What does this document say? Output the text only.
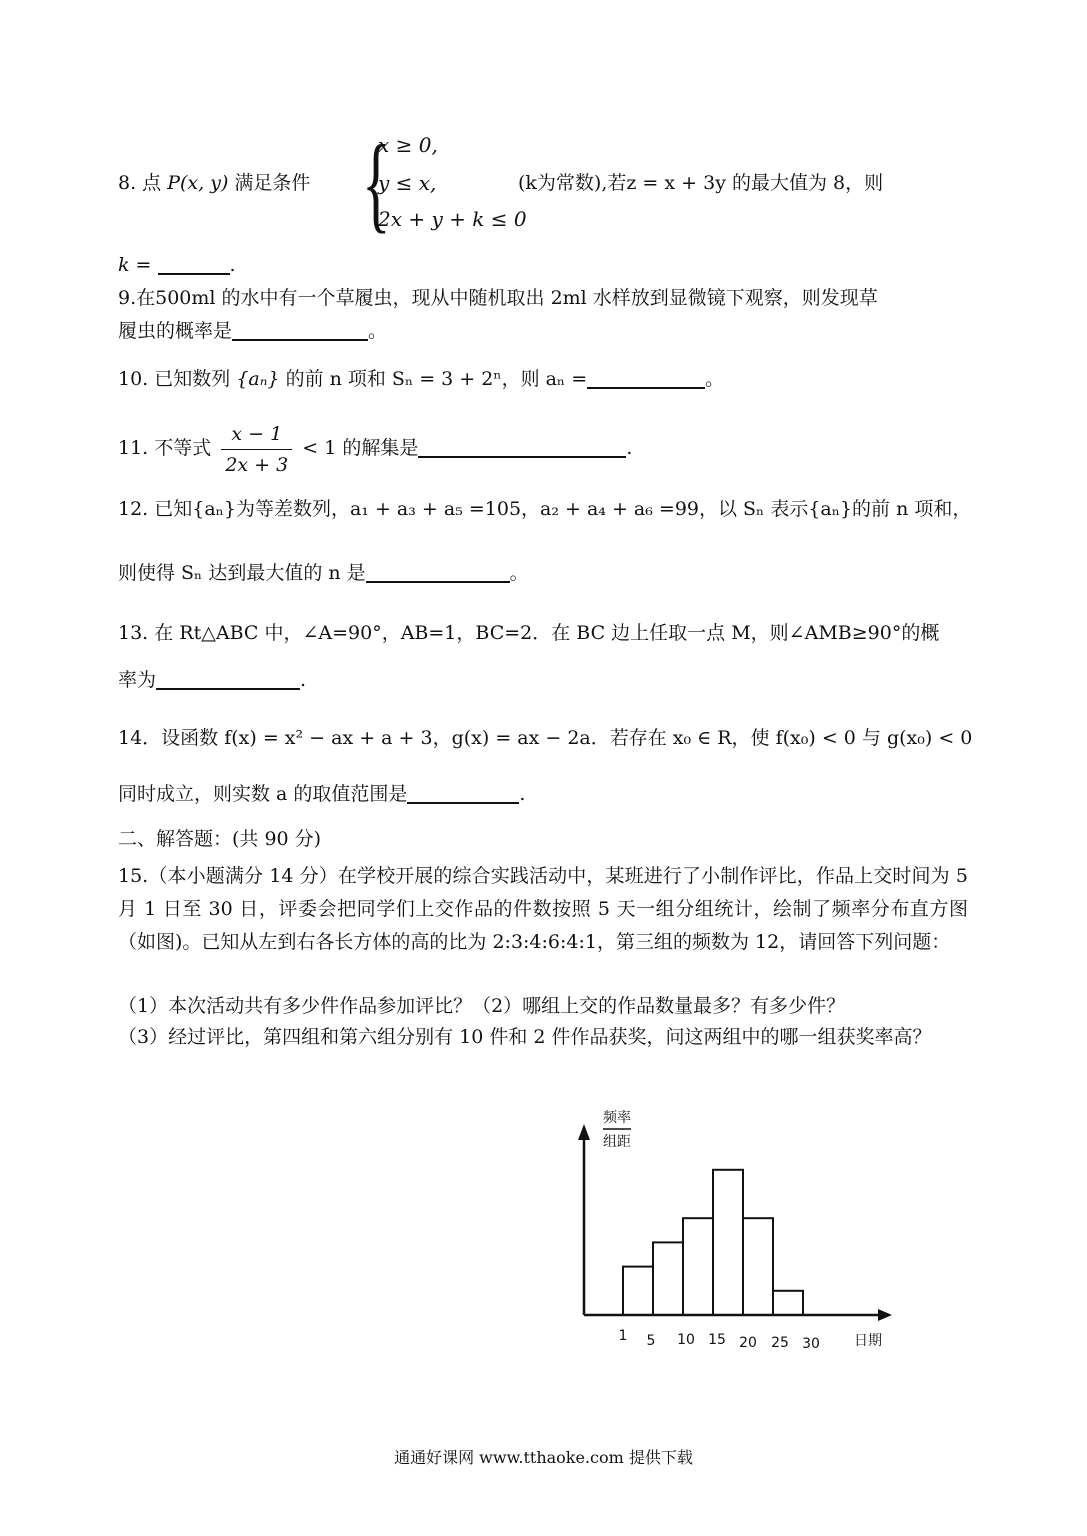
8. 点 P(x, y) 满足条件 {
x ≥ 0,
y ≤ x,
2x + y + k ≤ 0
(k为常数),若z = x + 3y 的最大值为 8，则
k =	.
9.在500ml 的水中有一个草履虫，现从中随机取出 2ml 水样放到显微镜下观察，则发现草
履虫的概率是	。
10. 已知数列 {aₙ} 的前 n 项和 Sₙ = 3 + 2ⁿ，则 aₙ =	。
11. 不等式 $\frac{x - 1}{2x + 3} < 1$ 的解集是	.
12. 已知{aₙ}为等差数列，a₁ + a₃ + a₅ =105，a₂ + a₄ + a₆ =99，以 Sₙ 表示{aₙ}的前 n 项和，
则使得 Sₙ 达到最大值的 n 是	。
13. 在 Rt△ABC 中，∠A=90°，AB=1，BC=2．在 BC 边上任取一点 M，则∠AMB≥90°的概
率为	.
14．设函数 f(x) = x² − ax + a + 3，g(x) = ax − 2a．若存在 x₀ ∈ R，使 f(x₀) < 0 与 g(x₀) < 0
同时成立，则实数 a 的取值范围是	.
二、解答题：(共 90 分)
15.（本小题满分 14 分）在学校开展的综合实践活动中，某班进行了小制作评比，作品上交时间为 5 月 1 日至 30 日，评委会把同学们上交作品的件数按照 5 天一组分组统计，绘制了频率分布直方图（如图)。已知从左到右各长方体的高的比为 2:3:4:6:4:1，第三组的频数为 12，请回答下列问题：
（1）本次活动共有多少件作品参加评比？（2）哪组上交的作品数量最多？有多少件？
（3）经过评比，第四组和第六组分别有 10 件和 2 件作品获奖，问这两组中的哪一组获奖率高？
频率
组距
1 5 10 15 20 25 30 日期
通通好课网 www.tthaoke.com 提供下载
